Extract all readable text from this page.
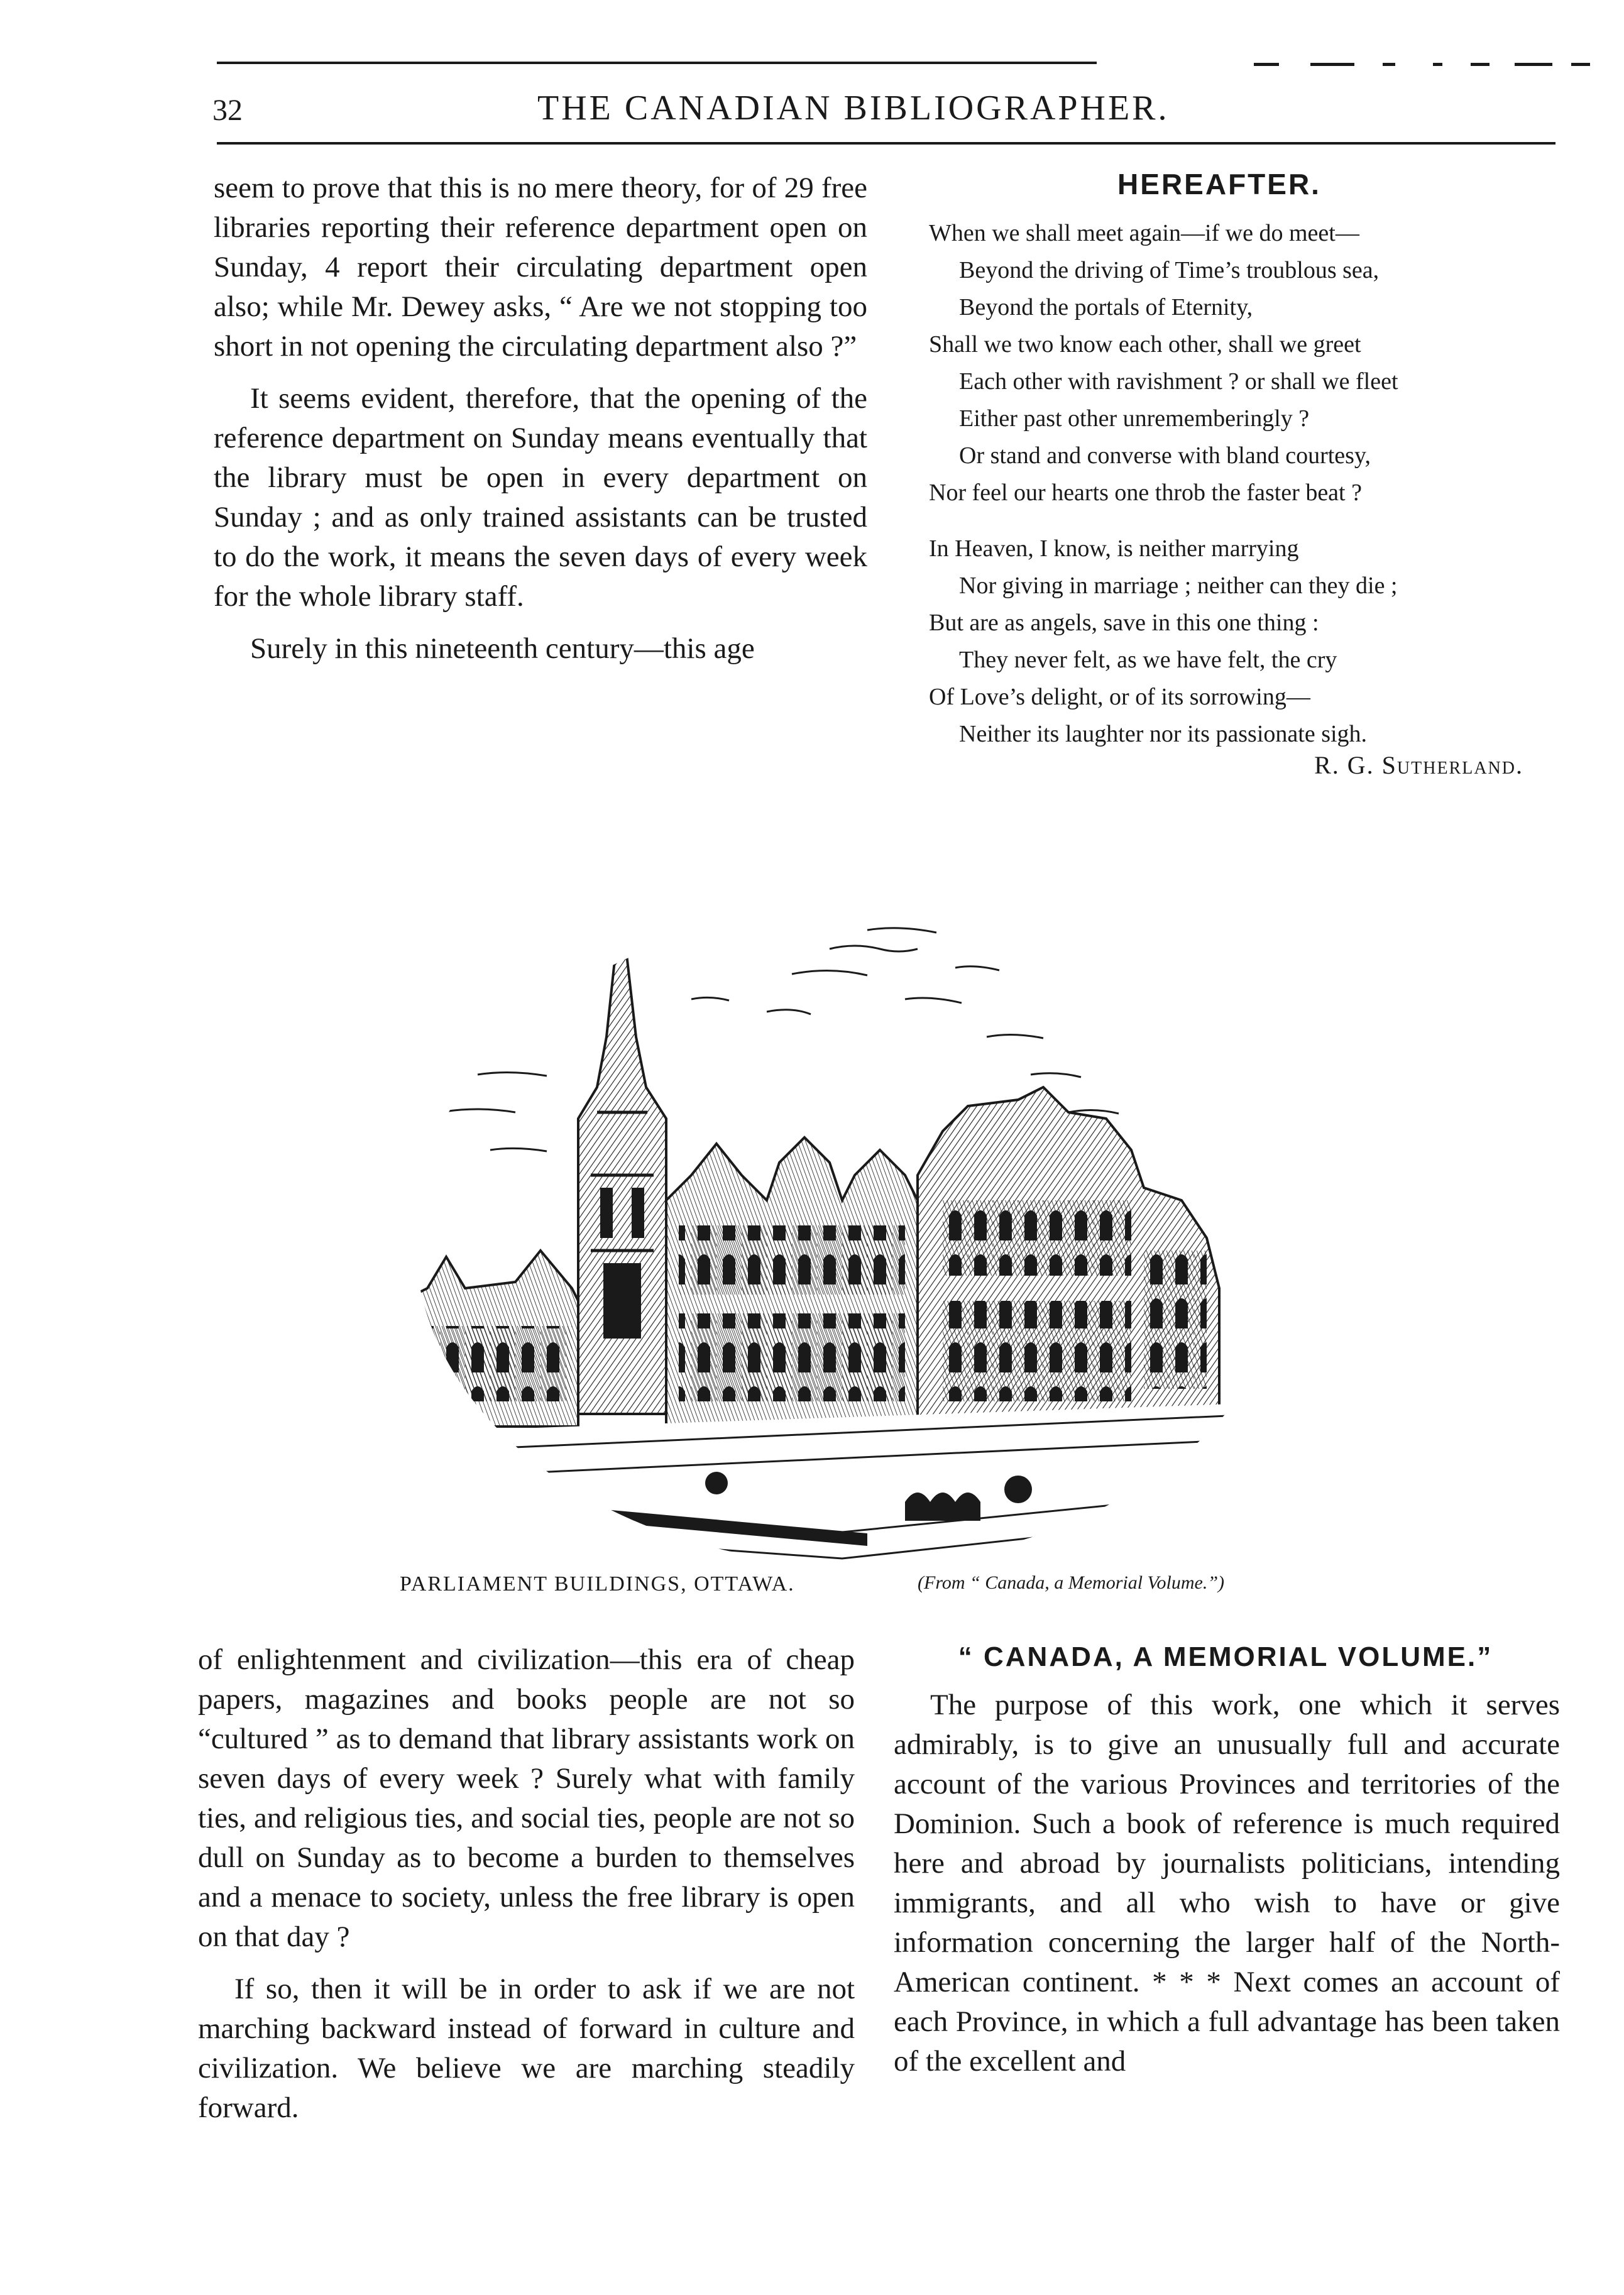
32	THE CANADIAN BIBLIOGRAPHER.

seem to prove that this is no mere theory, for of 29 free libraries reporting their reference department open on Sunday, 4 report their circulating department open also; while Mr. Dewey asks, “ Are we not stopping too short in not opening the circulating department also ?”

It seems evident, therefore, that the opening of the reference department on Sunday means eventually that the library must be open in every department on Sunday ; and as only trained assistants can be trusted to do the work, it means the seven days of every week for the whole library staff.

Surely in this nineteenth century—this age

HEREAFTER.
When we shall meet again—if we do meet—
Beyond the driving of Time’s troublous sea,
Beyond the portals of Eternity,
Shall we two know each other, shall we greet
Each other with ravishment ? or shall we fleet
Either past other unrememberingly ?
Or stand and converse with bland courtesy,
Nor feel our hearts one throb the faster beat ?
In Heaven, I know, is neither marrying
Nor giving in marriage ; neither can they die ;
But are as angels, save in this one thing :
They never felt, as we have felt, the cry
Of Love’s delight, or of its sorrowing—
Neither its laughter nor its passionate sigh.
R. G. Sutherland.
PARLIAMENT BUILDINGS, OTTAWA.	(From “ Canada, a Memorial Volume.”)

of enlightenment and civilization—this era of cheap papers, magazines and books people are not so “cultured ” as to demand that library assistants work on seven days of every week ? Surely what with family ties, and religious ties, and social ties, people are not so dull on Sunday as to become a burden to themselves and a menace to society, unless the free library is open on that day ?

If so, then it will be in order to ask if we are not marching backward instead of forward in culture and civilization. We believe we are marching steadily forward.

“ CANADA, A MEMORIAL VOLUME.”

The purpose of this work, one which it serves admirably, is to give an unusually full and accurate account of the various Provinces and territories of the Dominion. Such a book of reference is much required here and abroad by journalists politicians, intending immigrants, and all who wish to have or give information concerning the larger half of the North-American continent. * * * Next comes an account of each Province, in which a full advantage has been taken of the excellent and
